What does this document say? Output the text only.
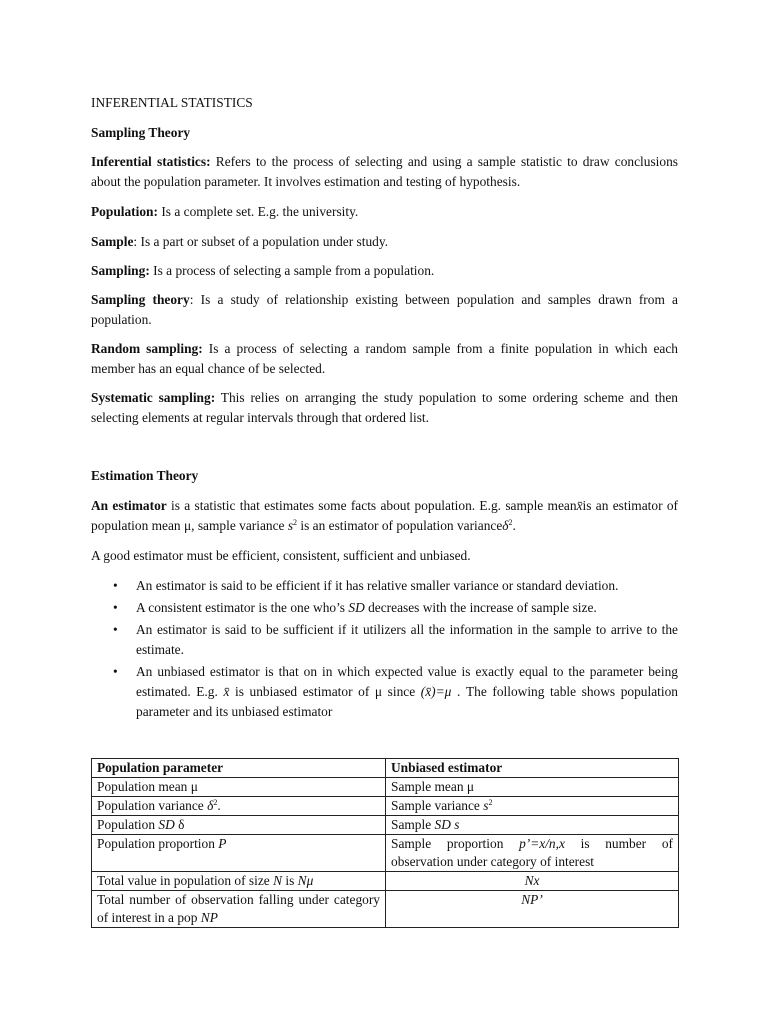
INFERENTIAL STATISTICS

Sampling Theory

Inferential statistics: Refers to the process of selecting and using a sample statistic to draw conclusions about the population parameter. It involves estimation and testing of hypothesis.

Population: Is a complete set. E.g. the university.

Sample: Is a part or subset of a population under study.

Sampling: Is a process of selecting a sample from a population.

Sampling theory: Is a study of relationship existing between population and samples drawn from a population.

Random sampling: Is a process of selecting a random sample from a finite population in which each member has an equal chance of be selected.

Systematic sampling: This relies on arranging the study population to some ordering scheme and then selecting elements at regular intervals through that ordered list.

Estimation Theory

An estimator is a statistic that estimates some facts about population. E.g. sample meanx̄is an estimator of population mean μ, sample variance $s^2$ is an estimator of population varianceδ$^2$.

A good estimator must be efficient, consistent, sufficient and unbiased.

• An estimator is said to be efficient if it has relative smaller variance or standard deviation.
• A consistent estimator is the one who’s SD decreases with the increase of sample size.
• An estimator is said to be sufficient if it utilizers all the information in the sample to arrive to the estimate.
• An unbiased estimator is that on in which expected value is exactly equal to the parameter being estimated. E.g. x̄ is unbiased estimator of μ since (x̄)=μ . The following table shows population parameter and its unbiased estimator
Population parameter	Unbiased estimator
Population mean μ	Sample mean μ
Population variance $\delta^2$.	Sample variance $s^2$
Population SD δ	Sample SD s
Population proportion P	Sample proportion p’=x/n,x is number of observation under category of interest
Total value in population of size N is Nμ	Nx
Total number of observation falling under category of interest in a pop NP	NP’
